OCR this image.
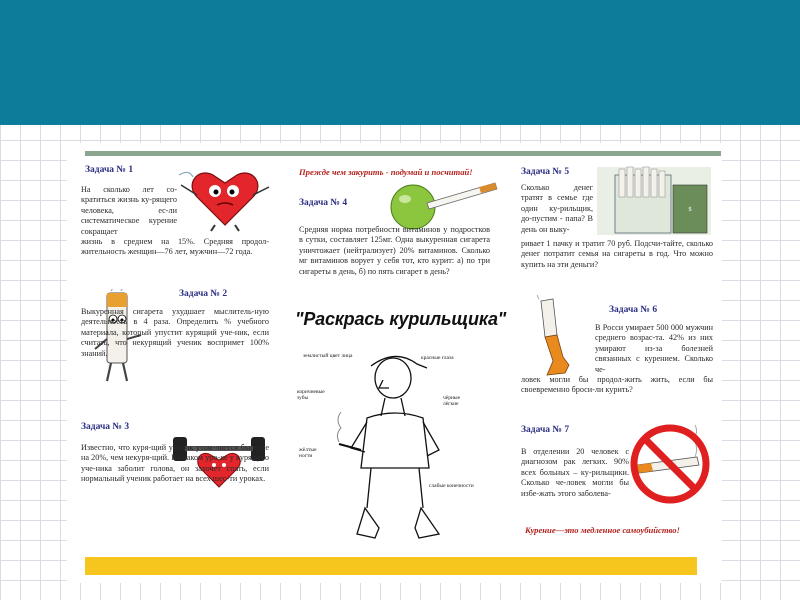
Задача № 1

На сколько лет со-кратиться жизнь ку-рящего человека, ес-ли систематическое курение сокращает

жизнь в среднем на 15%. Средняя продол-жительность женщин—76 лет, мужчин—72 года.

Задача № 2

Выкуренная сигарета ухудшает мыслитель-ную деятельность в 4 раза. Определить % учебного материала, который упустит курящий уче-ник, если считать, что некурящий ученик воспримет 100% знаний.

Задача № 3

Известно, что куря-щий ученик утом-ляется быстрее на 20%, чем некуря-щий. На каком уро-ке у курящего уче-ника заболит голова, он захочет спать, если нормальный ученик работает на всех шес-ти уроках.

Прежде чем закурить - подумай и посчитай!

Задача № 4

Средняя норма потребности витаминов у подростков в сутки, составляет 125мг. Одна выкуренная сигарета уничтожает (нейтрализует) 20% витаминов. Сколько мг витаминов ворует у себя тот, кто курит: а) по три сигареты в день, б) по пять сигарет в день?

"Раскрась курильщика"

землистый цвет лица	красные глаза
коричневые зубы	чёрные лёгкие
жёлтые ногти
слабые конечности

Задача № 5

$

Сколько денег тратят в семье где один ку-рильщик, до-пустим - папа? В день он выку-

ривает 1 пачку и тратит 70 руб. Подсчи-тайте, сколько денег потратит семья на сигареты в год. Что можно купить на эти деньги?

Задача № 6

В Росси умирает 500 000 мужчин среднего возрас-та. 42% из них умирают из-за болезней связанных с курением. Сколько че-

ловек могли бы продол-жить жить, если бы своевременно броси-ли курить?

Задача № 7

В отделении 20 человек с диагнозом рак легких. 90% всех больных – ку-рильщики. Сколько че-ловек могли бы избе-жать этого заболева-

Курение—это медленное самоубийство!
